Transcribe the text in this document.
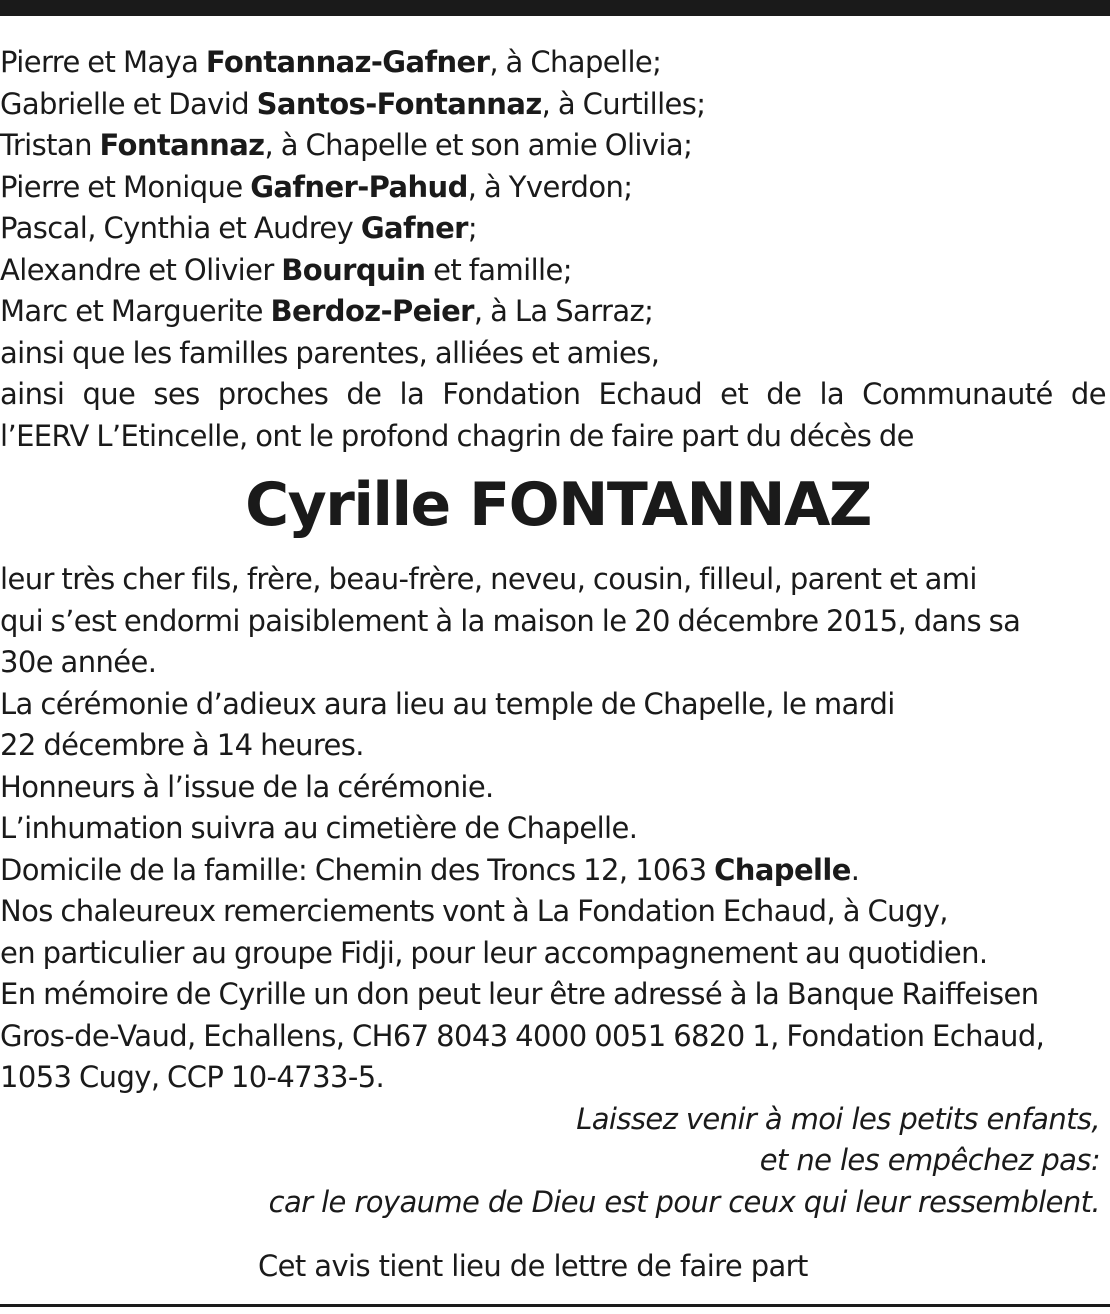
Pierre et Maya Fontannaz-Gafner, à Chapelle;
Gabrielle et David Santos-Fontannaz, à Curtilles;
Tristan Fontannaz, à Chapelle et son amie Olivia;
Pierre et Monique Gafner-Pahud, à Yverdon;
Pascal, Cynthia et Audrey Gafner;
Alexandre et Olivier Bourquin et famille;
Marc et Marguerite Berdoz-Peier, à La Sarraz;
ainsi que les familles parentes, alliées et amies,
ainsi que ses proches de la Fondation Echaud et de la Communauté de
l’EERV L’Etincelle, ont le profond chagrin de faire part du décès de
Cyrille FONTANNAZ
leur très cher fils, frère, beau-frère, neveu, cousin, filleul, parent et ami
qui s’est endormi paisiblement à la maison le 20 décembre 2015, dans sa
30e année.
La cérémonie d’adieux aura lieu au temple de Chapelle, le mardi
22 décembre à 14 heures.
Honneurs à l’issue de la cérémonie.
L’inhumation suivra au cimetière de Chapelle.
Domicile de la famille: Chemin des Troncs 12, 1063 Chapelle.
Nos chaleureux remerciements vont à La Fondation Echaud, à Cugy,
en particulier au groupe Fidji, pour leur accompagnement au quotidien.
En mémoire de Cyrille un don peut leur être adressé à la Banque Raiffeisen
Gros-de-Vaud, Echallens, CH67 8043 4000 0051 6820 1, Fondation Echaud,
1053 Cugy, CCP 10-4733-5.
Laissez venir à moi les petits enfants,
et ne les empêchez pas:
car le royaume de Dieu est pour ceux qui leur ressemblent.
Cet avis tient lieu de lettre de faire part
